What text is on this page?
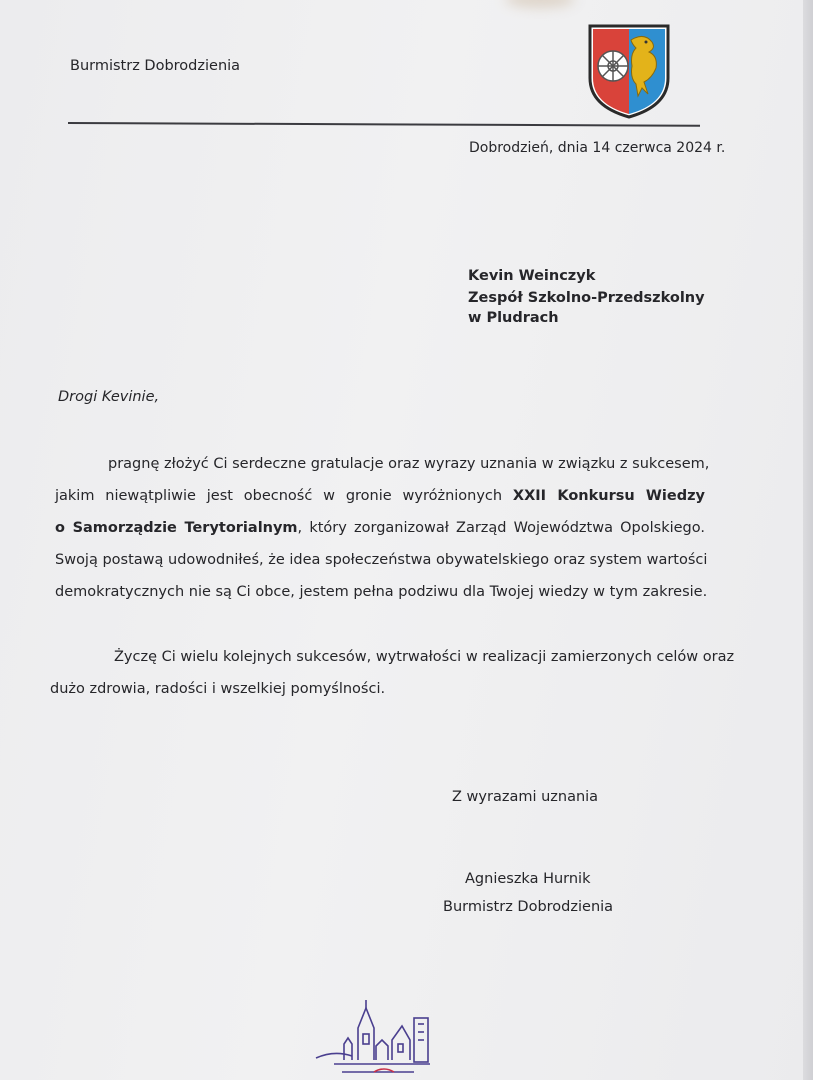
Burmistrz Dobrodzienia
Dobrodzień, dnia 14 czerwca 2024 r.
Kevin Weinczyk
Zespół Szkolno-Przedszkolny
w Pludrach
Drogi Kevinie,
pragnę złożyć Ci serdeczne gratulacje oraz wyrazy uznania w związku z sukcesem,
jakim niewątpliwie jest obecność w gronie wyróżnionych XXII Konkursu Wiedzy
o Samorządzie Terytorialnym, który zorganizował Zarząd Województwa Opolskiego.
Swoją postawą udowodniłeś, że idea społeczeństwa obywatelskiego oraz system wartości
demokratycznych nie są Ci obce, jestem pełna podziwu dla Twojej wiedzy w tym zakresie.
Życzę Ci wielu kolejnych sukcesów, wytrwałości w realizacji zamierzonych celów oraz
dużo zdrowia, radości i wszelkiej pomyślności.
Z wyrazami uznania
Agnieszka Hurnik
Burmistrz Dobrodzienia
